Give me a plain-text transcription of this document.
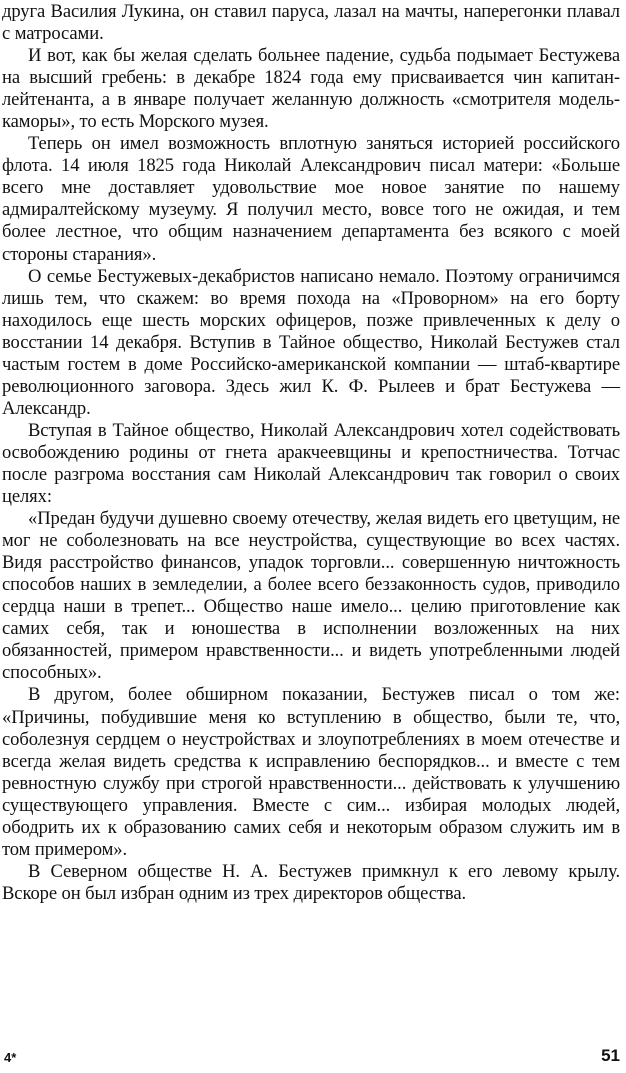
друга Василия Лукина, он ставил паруса, лазал на мачты, наперегонки плавал с матросами.

И вот, как бы желая сделать больнее падение, судьба подымает Бестужева на высший гребень: в декабре 1824 года ему присваивается чин капитан-лейтенанта, а в январе получает желанную должность «смотрителя модель-каморы», то есть Морского музея.

Теперь он имел возможность вплотную заняться историей российского флота. 14 июля 1825 года Николай Александрович писал матери: «Больше всего мне доставляет удовольствие мое новое занятие по нашему адмиралтейскому музеуму. Я получил место, вовсе того не ожидая, и тем более лестное, что общим назначением департамента без всякого с моей стороны старания».

О семье Бестужевых-декабристов написано немало. Поэтому ограничимся лишь тем, что скажем: во время похода на «Проворном» на его борту находилось еще шесть морских офицеров, позже привлеченных к делу о восстании 14 декабря. Вступив в Тайное общество, Николай Бестужев стал частым гостем в доме Российско-американской компании — штаб-квартире революционного заговора. Здесь жил К. Ф. Рылеев и брат Бестужева — Александр.

Вступая в Тайное общество, Николай Александрович хотел содействовать освобождению родины от гнета аракчеевщины и крепостничества. Тотчас после разгрома восстания сам Николай Александрович так говорил о своих целях:

«Предан будучи душевно своему отечеству, желая видеть его цветущим, не мог не соболезновать на все неустройства, существующие во всех частях. Видя расстройство финансов, упадок торговли... совершенную ничтожность способов наших в земледелии, а более всего беззаконность судов, приводило сердца наши в трепет... Общество наше имело... целию приготовление как самих себя, так и юношества в исполнении возложенных на них обязанностей, примером нравственности... и видеть употребленными людей способных».

В другом, более обширном показании, Бестужев писал о том же: «Причины, побудившие меня ко вступлению в общество, были те, что, соболезнуя сердцем о неустройствах и злоупотреблениях в моем отечестве и всегда желая видеть средства к исправлению беспорядков... и вместе с тем ревностную службу при строгой нравственности... действовать к улучшению существующего управления. Вместе с сим... избирая молодых людей, ободрить их к образованию самих себя и некоторым образом служить им в том примером».

В Северном обществе Н. А. Бестужев примкнул к его левому крылу. Вскоре он был избран одним из трех директоров общества.

4*	51
